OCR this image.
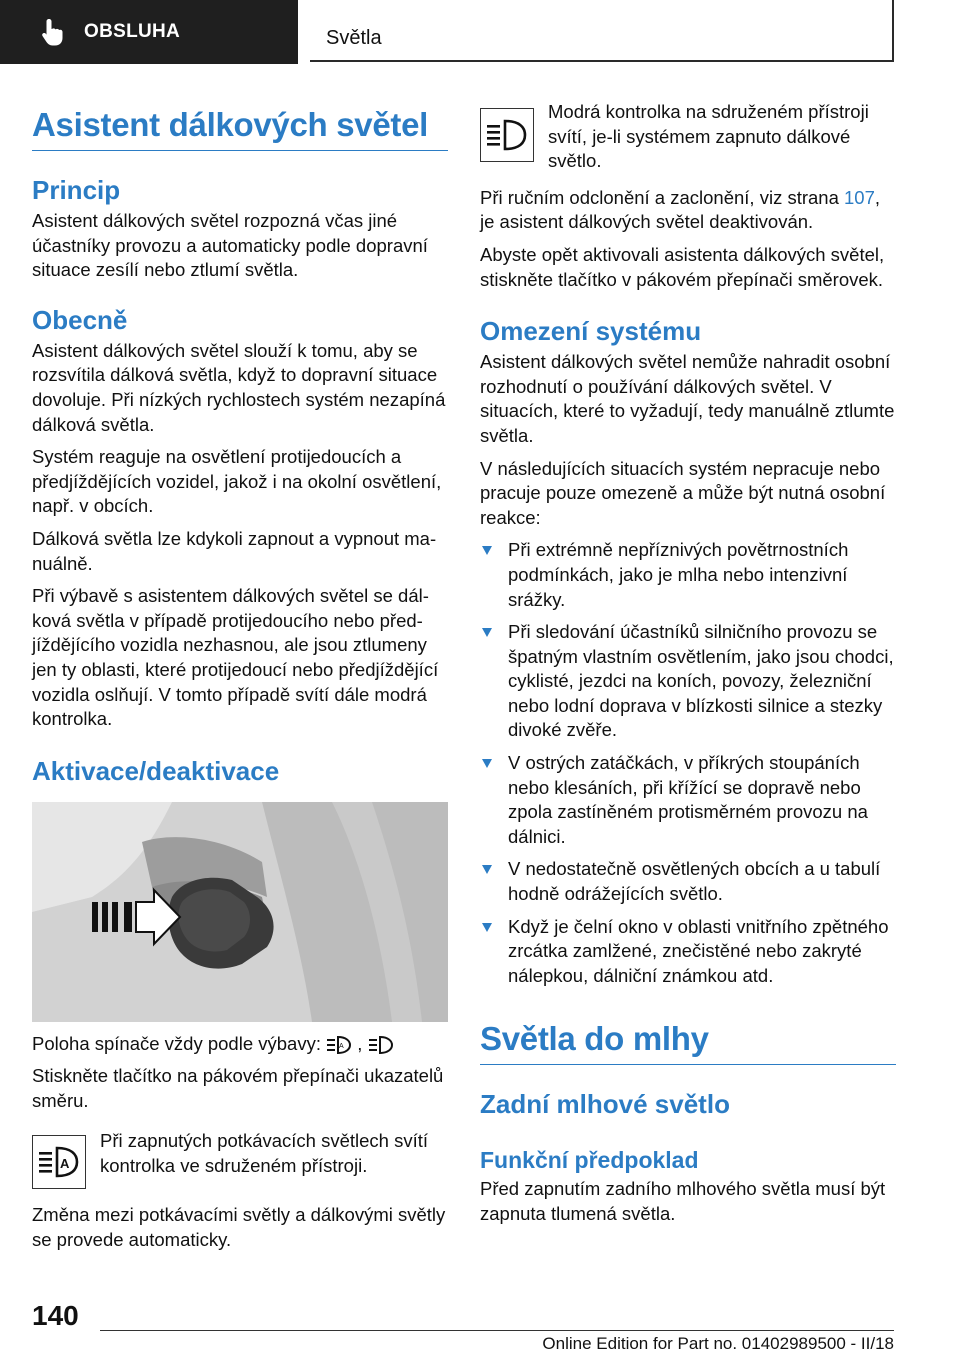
OBSLUHA	Světla
Asistent dálkových světel
Princip

Asistent dálkových světel rozpozná včas jiné účastníky provozu a automaticky podle dopravní situace zesílí nebo ztlumí světla.

Obecně

Asistent dálkových světel slouží k tomu, aby se rozsvítila dálková světla, když to dopravní situace dovoluje. Při nízkých rychlostech systém nezapíná dálková světla.

Systém reaguje na osvětlení protijedoucích a předjíždějících vozidel, jakož i na okolní osvětlení, např. v obcích.

Dálková světla lze kdykoli zapnout a vypnout manuálně.

Při výbavě s asistentem dálkových světel se dálková světla v případě protijedoucího nebo předjíždějícího vozidla nezhasnou, ale jsou ztlumeny jen ty oblasti, které protijedoucí nebo předjíždějící vozidla oslňují. V tomto případě svítí dále modrá kontrolka.

Aktivace/deaktivace

Poloha spínače vždy podle výbavy:	A ,

Stiskněte tlačítko na pákovém přepínači ukazatelů směru.

A

Při zapnutých potkávacích světlech svítí kontrolka ve sdruženém přístroji.

Změna mezi potkávacími světly a dálkovými světly se provede automaticky.

Modrá kontrolka na sdruženém přístroji svítí, je-li systémem zapnuto dálkové světlo.

Při ručním odclonění a zaclonění, viz strana 107, je asistent dálkových světel deaktivován.

Abyste opět aktivovali asistenta dálkových světel, stiskněte tlačítko v pákovém přepínači směrovek.

Omezení systému

Asistent dálkových světel nemůže nahradit osobní rozhodnutí o používání dálkových světel. V situacích, které to vyžadují, tedy manuálně ztlumte světla.

V následujících situacích systém nepracuje nebo pracuje pouze omezeně a může být nutná osobní reakce:

Při extrémně nepříznivých povětrnostních podmínkách, jako je mlha nebo intenzivní srážky.
Při sledování účastníků silničního provozu se špatným vlastním osvětlením, jako jsou chodci, cyklisté, jezdci na koních, povozy, železniční nebo lodní doprava v blízkosti silnice a stezky divoké zvěře.
V ostrých zatáčkách, v příkrých stoupáních nebo klesáních, při křížící se dopravě nebo zpola zastíněném protisměrném provozu na dálnici.
V nedostatečně osvětlených obcích a u tabulí hodně odrážejících světlo.
Když je čelní okno v oblasti vnitřního zpětného zrcátka zamlžené, znečistěné nebo zakryté nálepkou, dálniční známkou atd.
Světla do mlhy
Zadní mlhové světlo
Funkční předpoklad

Před zapnutím zadního mlhového světla musí být zapnuta tlumená světla.

140
Online Edition for Part no. 01402989500 - II/18
